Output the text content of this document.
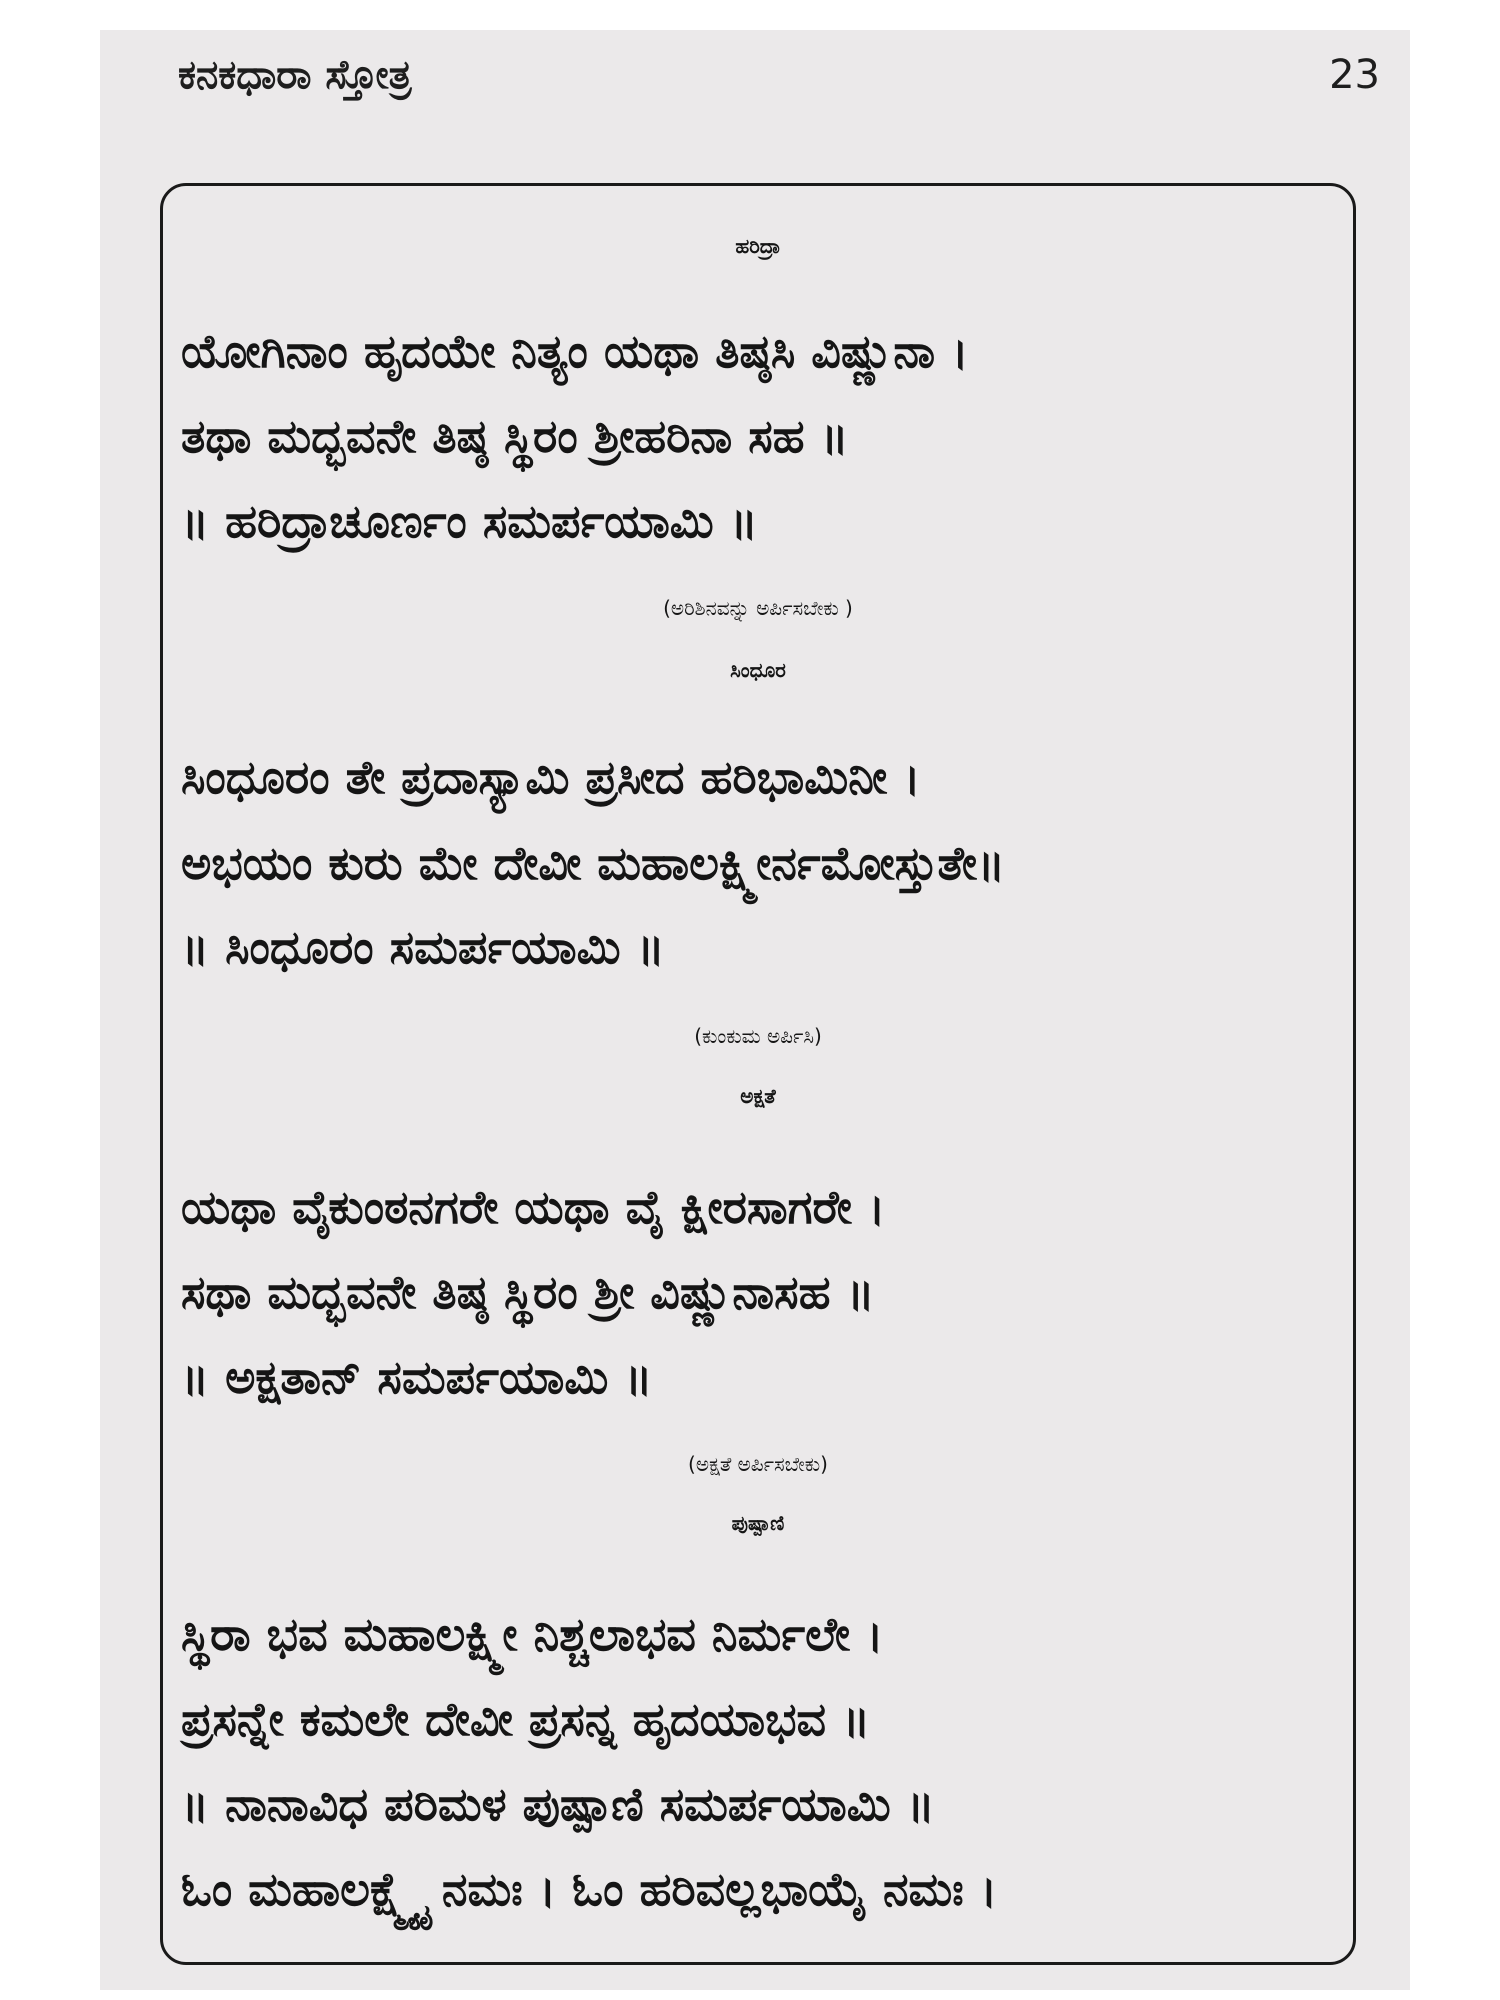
ಕನಕಧಾರಾ ಸ್ತೋತ್ರ	23
ಹರಿದ್ರಾ
ಯೋಗಿನಾಂ ಹೃದಯೇ ನಿತ್ಯಂ ಯಥಾ ತಿಷ್ಠಸಿ ವಿಷ್ಣುನಾ ।
ತಥಾ ಮದ್ಭವನೇ ತಿಷ್ಠ ಸ್ಥಿರಂ ಶ್ರೀಹರಿನಾ ಸಹ ॥
॥ ಹರಿದ್ರಾಚೂರ್ಣಂ ಸಮರ್ಪಯಾಮಿ ॥
(ಅರಿಶಿನವನ್ನು ಅರ್ಪಿಸಬೇಕು )
ಸಿಂಧೂರ
ಸಿಂಧೂರಂ ತೇ ಪ್ರದಾಸ್ಯಾಮಿ ಪ್ರಸೀದ ಹರಿಭಾಮಿನೀ ।
ಅಭಯಂ ಕುರು ಮೇ ದೇವೀ ಮಹಾಲಕ್ಷ್ಮೀರ್ನಮೋಸ್ತುತೇ॥
॥ ಸಿಂಧೂರಂ ಸಮರ್ಪಯಾಮಿ ॥
(ಕುಂಕುಮ ಅರ್ಪಿಸಿ)
ಅಕ್ಷತೆ
ಯಥಾ ವೈಕುಂಠನಗರೇ ಯಥಾ ವೈ ಕ್ಷೀರಸಾಗರೇ ।
ಸಥಾ ಮದ್ಭವನೇ ತಿಷ್ಠ ಸ್ಥಿರಂ ಶ್ರೀ ವಿಷ್ಣುನಾಸಹ ॥
॥ ಅಕ್ಷತಾನ್ ಸಮರ್ಪಯಾಮಿ ॥
(ಅಕ್ಷತೆ ಅರ್ಪಿಸಬೇಕು)
ಪುಷ್ಪಾಣಿ
ಸ್ಥಿರಾ ಭವ ಮಹಾಲಕ್ಷ್ಮೀ ನಿಶ್ಚಲಾಭವ ನಿರ್ಮಲೇ ।
ಪ್ರಸನ್ನೇ ಕಮಲೇ ದೇವೀ ಪ್ರಸನ್ನ ಹೃದಯಾಭವ ॥
॥ ನಾನಾವಿಧ ಪರಿಮಳ ಪುಷ್ಪಾಣಿ ಸಮರ್ಪಯಾಮಿ ॥
ಓಂ ಮಹಾಲಕ್ಷ್ಮ್ಯೈ ನಮಃ । ಓಂ ಹರಿವಲ್ಲಭಾಯೈ ನಮಃ ।
